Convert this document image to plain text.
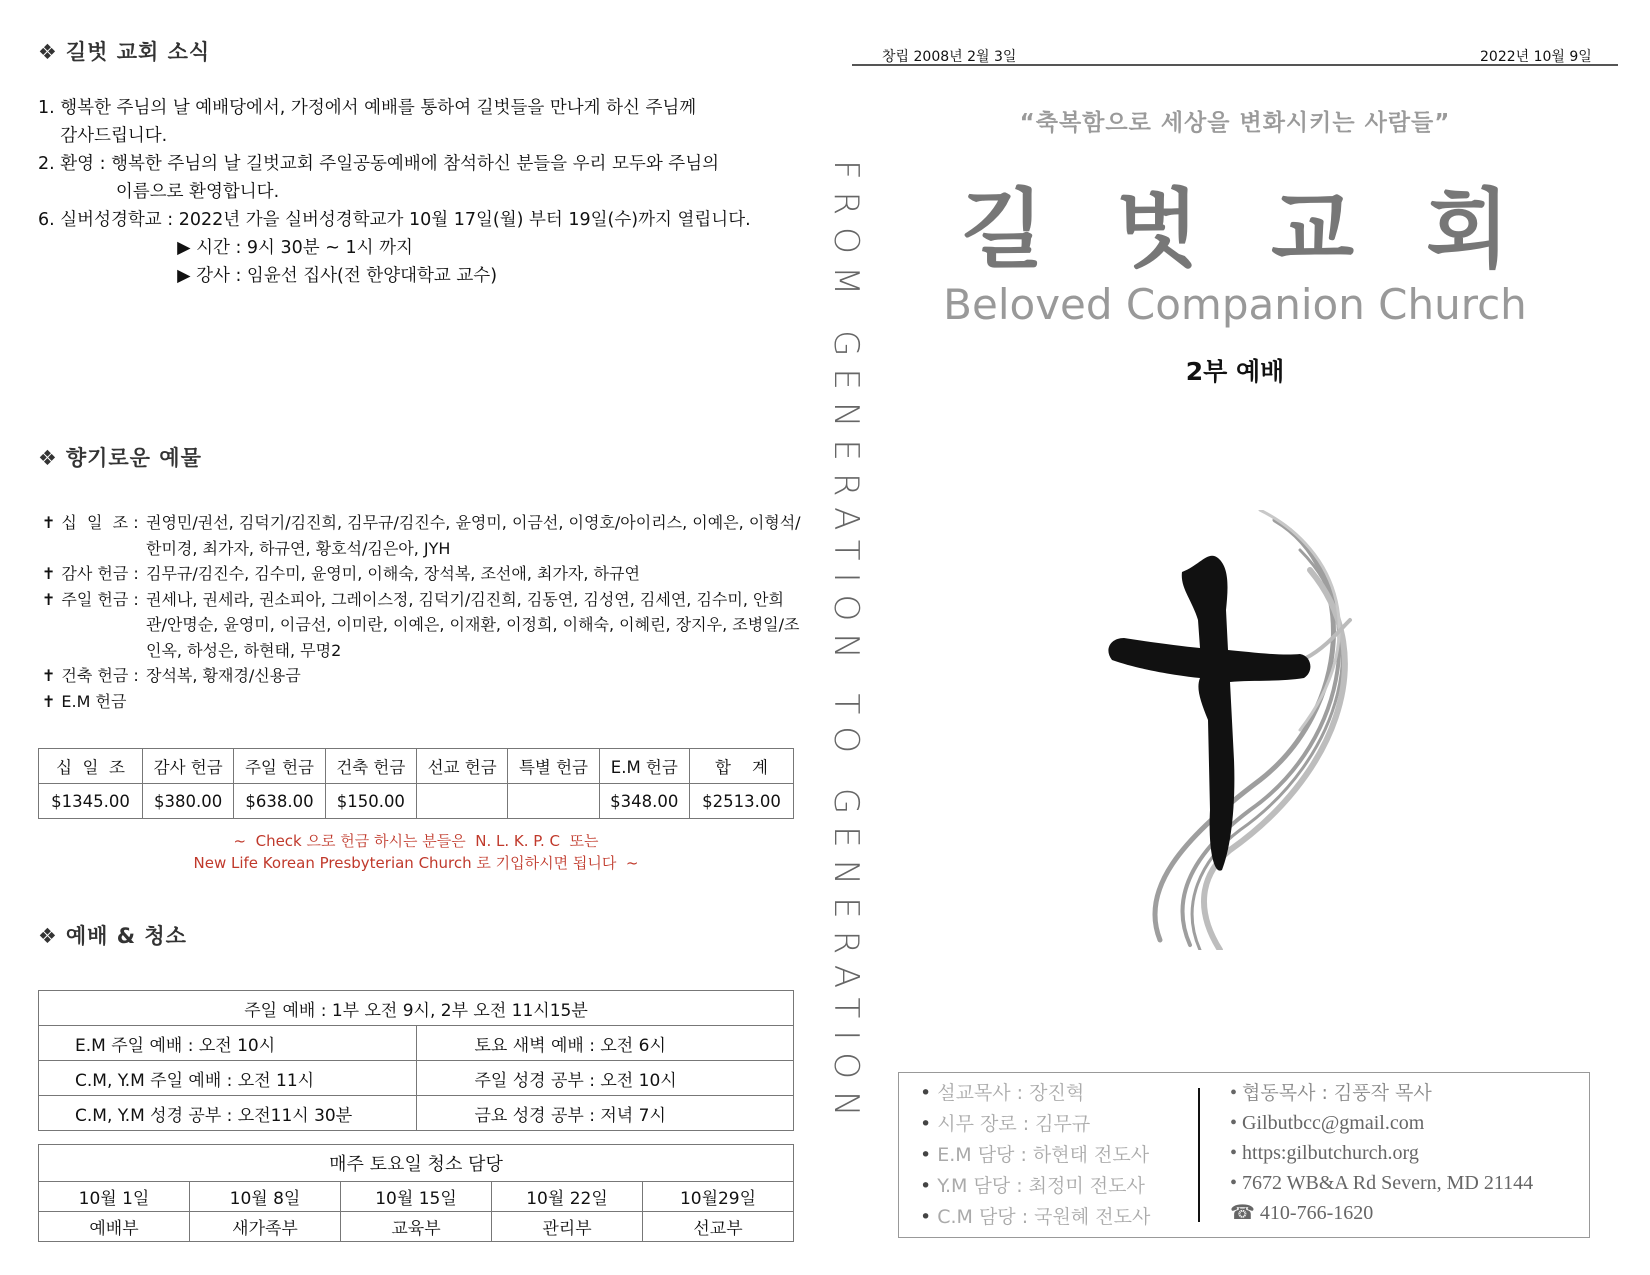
❖ 길벗 교회 소식
1. 행복한 주님의 날 예배당에서, 가정에서 예배를 통하여 길벗들을 만나게 하신 주님께
감사드립니다.
2. 환영 : 행복한 주님의 날 길벗교회 주일공동예배에 참석하신 분들을 우리 모두와 주님의
이름으로 환영합니다.
6. 실버성경학교 : 2022년 가을 실버성경학교가 10월 17일(월) 부터 19일(수)까지 열립니다.
▶ 시간 : 9시 30분 ~ 1시 까지
▶ 강사 : 임윤선 집사(전 한양대학교 교수)
❖ 향기로운 예물
✝ 십  일  조 : 권영민/권선, 김덕기/김진희, 김무규/김진수, 윤영미, 이금선, 이영호/아이리스, 이예은, 이형석/한미경, 최가자, 하규연, 황호석/김은아, JYH
✝ 감사 헌금 : 김무규/김진수, 김수미, 윤영미, 이해숙, 장석복, 조선애, 최가자, 하규연
✝ 주일 헌금 : 권세나, 권세라, 권소피아, 그레이스정, 김덕기/김진희, 김동연, 김성연, 김세연, 김수미, 안희관/안명순, 윤영미, 이금선, 이미란, 이예은, 이재환, 이정희, 이해숙, 이혜린, 장지우, 조병일/조인옥, 하성은, 하현태, 무명2
✝ 건축 헌금 : 장석복, 황재경/신용금
✝ E.M 헌금
십  일  조	감사 헌금	주일 헌금	건축 헌금	선교 헌금	특별 헌금	E.M 헌금	합    계
$1345.00	$380.00	$638.00	$150.00			$348.00	$2513.00
~  Check 으로 헌금 하시는 분들은  N. L. K. P. C  또는
New Life Korean Presbyterian Church 로 기입하시면 됩니다  ~
❖ 예배 & 청소
주일 예배 : 1부 오전 9시, 2부 오전 11시15분	
E.M 주일 예배 : 오전 10시	토요 새벽 예배 : 오전 6시
C.M, Y.M 주일 예배 : 오전 11시	주일 성경 공부 : 오전 10시
C.M, Y.M 성경 공부 : 오전11시 30분	금요 성경 공부 : 저녁 7시
매주 토요일 청소 담당				
10월 1일	10월 8일	10월 15일	10월 22일	10월29일
예배부	새가족부	교육부	관리부	선교부
FROM GENERATION TO GENERATION
창립 2008년 2월 3일	2022년 10월 9일
“축복함으로 세상을 변화시키는 사람들”
길벗교회
Beloved Companion Church
2부 예배
• 설교목사 : 장진혁
• 시무 장로 : 김무규
• E.M 담당 : 하현태 전도사
• Y.M 담당 : 최정미 전도사
• C.M 담당 : 국원혜 전도사
• 협동목사 : 김풍작 목사
• Gilbutbcc@gmail.com
• https:gilbutchurch.org
• 7672 WB&A Rd Severn, MD 21144
☎ 410-766-1620
